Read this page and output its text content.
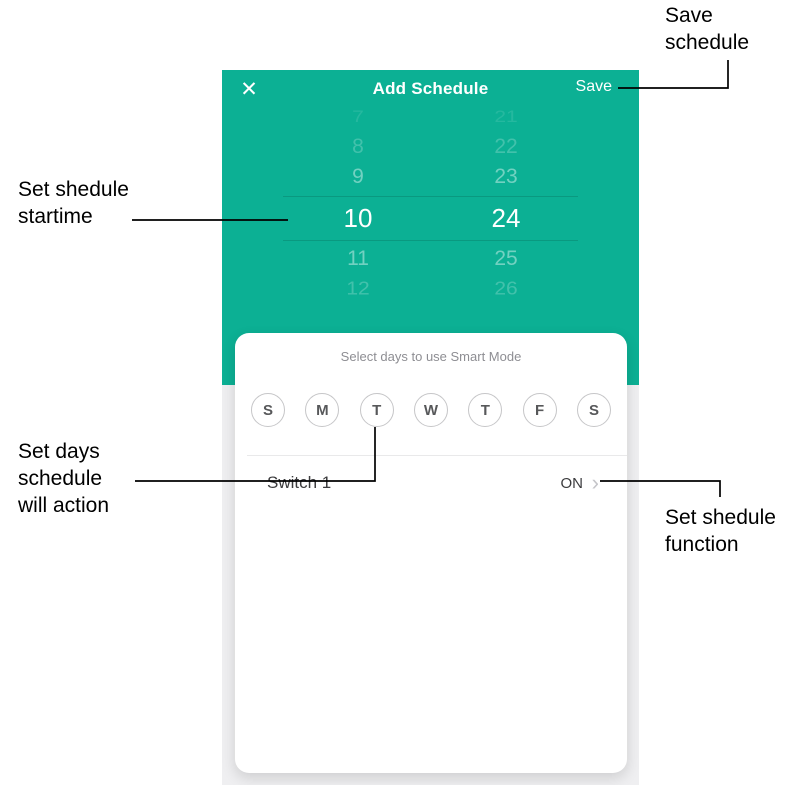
✕	Add Schedule	Save
7
8
9
10
11
12
21
22
23
24
25
26
Select days to use Smart Mode
S	M	T	W	T	F	S
Switch 1	ON ›
Save
schedule
Set shedule
startime
Set days
schedule
will action
Set shedule
function
